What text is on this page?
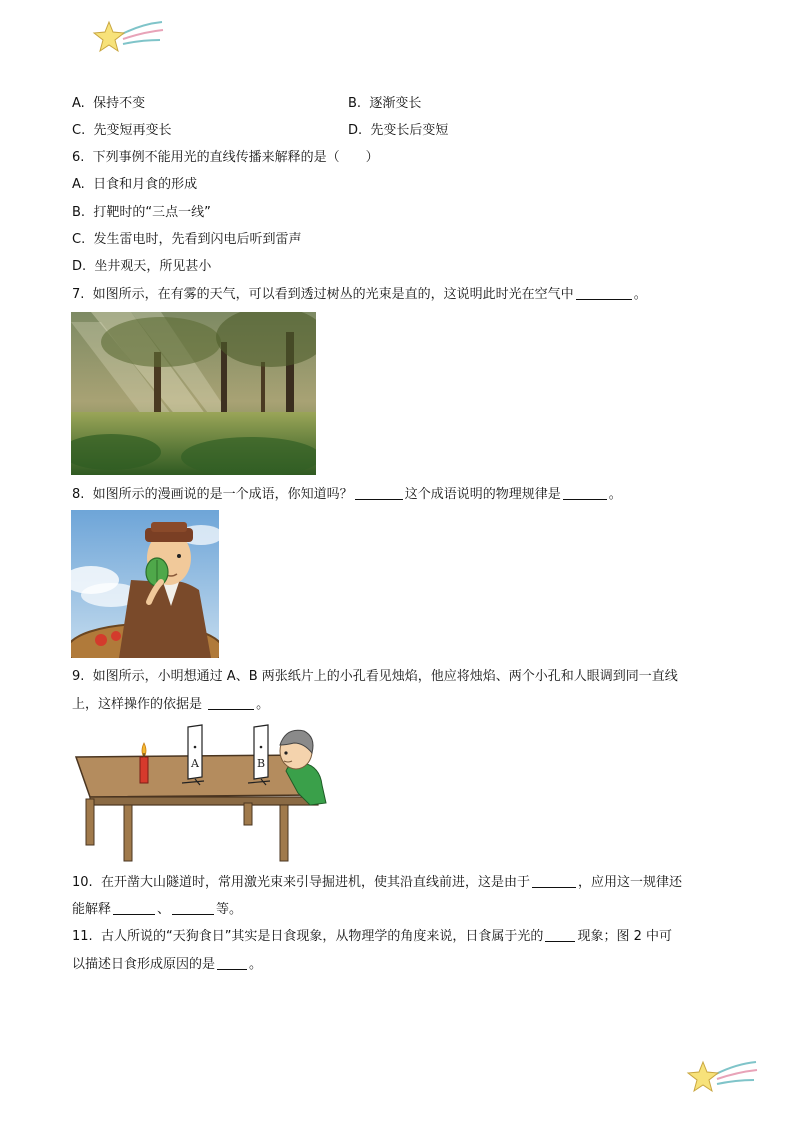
A. 保持不变	B. 逐渐变长
C. 先变短再变长	D. 先变长后变短
6. 下列事例不能用光的直线传播来解释的是（　　）
A. 日食和月食的形成
B. 打靶时的“三点一线”
C. 发生雷电时，先看到闪电后听到雷声
D. 坐井观天，所见甚小
7. 如图所示，在有雾的天气，可以看到透过树丛的光束是直的，这说明此时光在空气中	。
8. 如图所示的漫画说的是一个成语，你知道吗？	这个成语说明的物理规律是	。
9. 如图所示，小明想通过 A、B 两张纸片上的小孔看见烛焰，他应将烛焰、两个小孔和人眼调到同一直线
上，这样操作的依据是	。
A	B
10. 在开凿大山隧道时，常用激光束来引导掘进机，使其沿直线前进，这是由于	，应用这一规律还
能解释	、	等。
11. 古人所说的“天狗食日”其实是日食现象，从物理学的角度来说，日食属于光的	现象；图 2 中可
以描述日食形成原因的是	。
